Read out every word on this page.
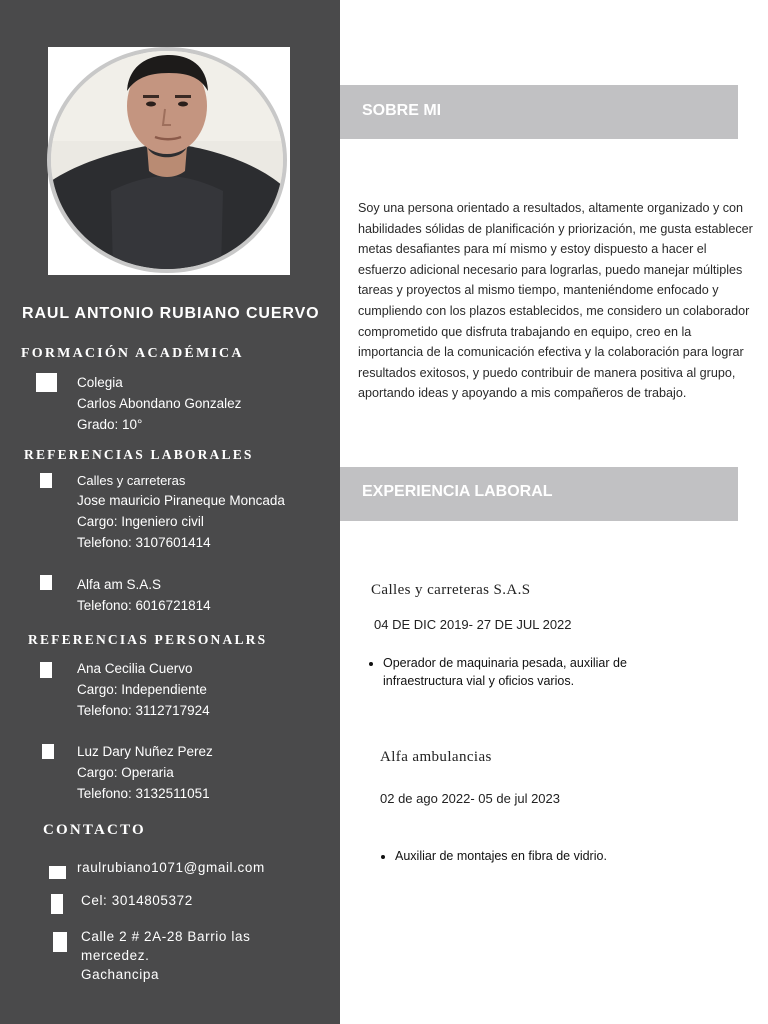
RAUL ANTONIO RUBIANO CUERVO
FORMACIÓN ACADÉMICA
Colegia
Carlos Abondano Gonzalez
Grado: 10°
REFERENCIAS LABORALES
Calles y carreteras
Jose mauricio Piraneque Moncada
Cargo: Ingeniero civil
Telefono: 3107601414
Alfa am S.A.S
Telefono: 6016721814
REFERENCIAS PERSONALRS
Ana Cecilia Cuervo
Cargo: Independiente
Telefono: 3112717924
Luz Dary Nuñez Perez
Cargo: Operaria
Telefono: 3132511051
CONTACTO
raulrubiano1071@gmail.com
Cel: 3014805372
Calle 2 # 2A-28 Barrio las
mercedez.
Gachancipa
SOBRE MI

Soy una persona orientado a resultados, altamente organizado y con habilidades sólidas de planificación y priorización, me gusta establecer metas desafiantes para mí mismo y estoy dispuesto a hacer el esfuerzo adicional necesario para lograrlas, puedo manejar múltiples tareas y proyectos al mismo tiempo, manteniéndome enfocado y cumpliendo con los plazos establecidos, me considero un colaborador comprometido que disfruta trabajando en equipo, creo en la importancia de la comunicación efectiva y la colaboración para lograr resultados exitosos, y puedo contribuir de manera positiva al grupo, aportando ideas y apoyando a mis compañeros de trabajo.

EXPERIENCIA LABORAL
Calles y carreteras S.A.S
04 DE DIC 2019- 27 DE JUL 2022
• Operador de maquinaria pesada, auxiliar de infraestructura vial y oficios varios.
Alfa ambulancias
02 de ago 2022- 05 de jul 2023
• Auxiliar de montajes en fibra de vidrio.
